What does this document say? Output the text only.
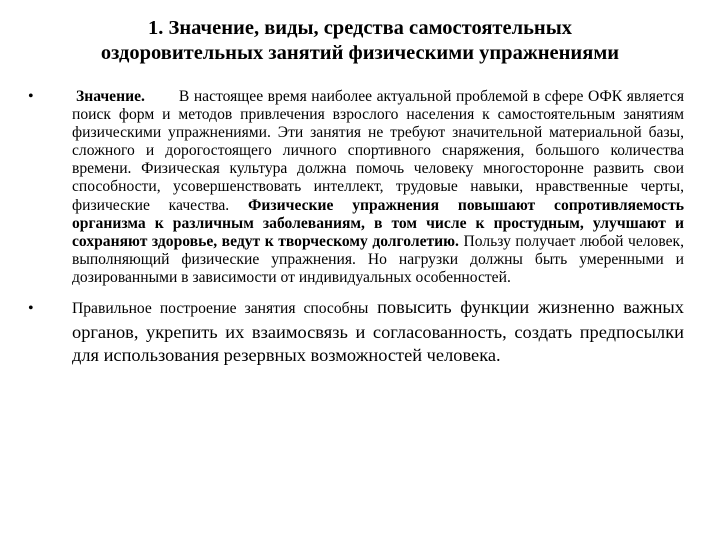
1. Значение, виды, средства самостоятельных
оздоровительных занятий физическими упражнениями
•	Значение. В настоящее время наиболее актуальной проблемой в сфере ОФК является поиск форм и методов привлечения взрослого населения к самостоятельным занятиям физическими упражнениями. Эти занятия не требуют значительной материальной базы, сложного и дорогостоящего личного спортивного снаряжения, большого количества времени. Физическая культура должна помочь человеку многосторонне развить свои способности, усовершенствовать интеллект, трудовые навыки, нравственные черты, физические качества. Физические упражнения повышают сопротивляемость организма к различным заболеваниям, в том числе к простудным, улучшают и сохраняют здоровье, ведут к творческому долголетию. Пользу получает любой человек, выполняющий физические упражнения. Но нагрузки должны быть умеренными и дозированными в зависимости от индивидуальных особенностей.
• Правильное построение занятия способны повысить функции жизненно важных органов, укрепить их взаимосвязь и согласованность, создать предпосылки для использования резервных возможностей человека.
